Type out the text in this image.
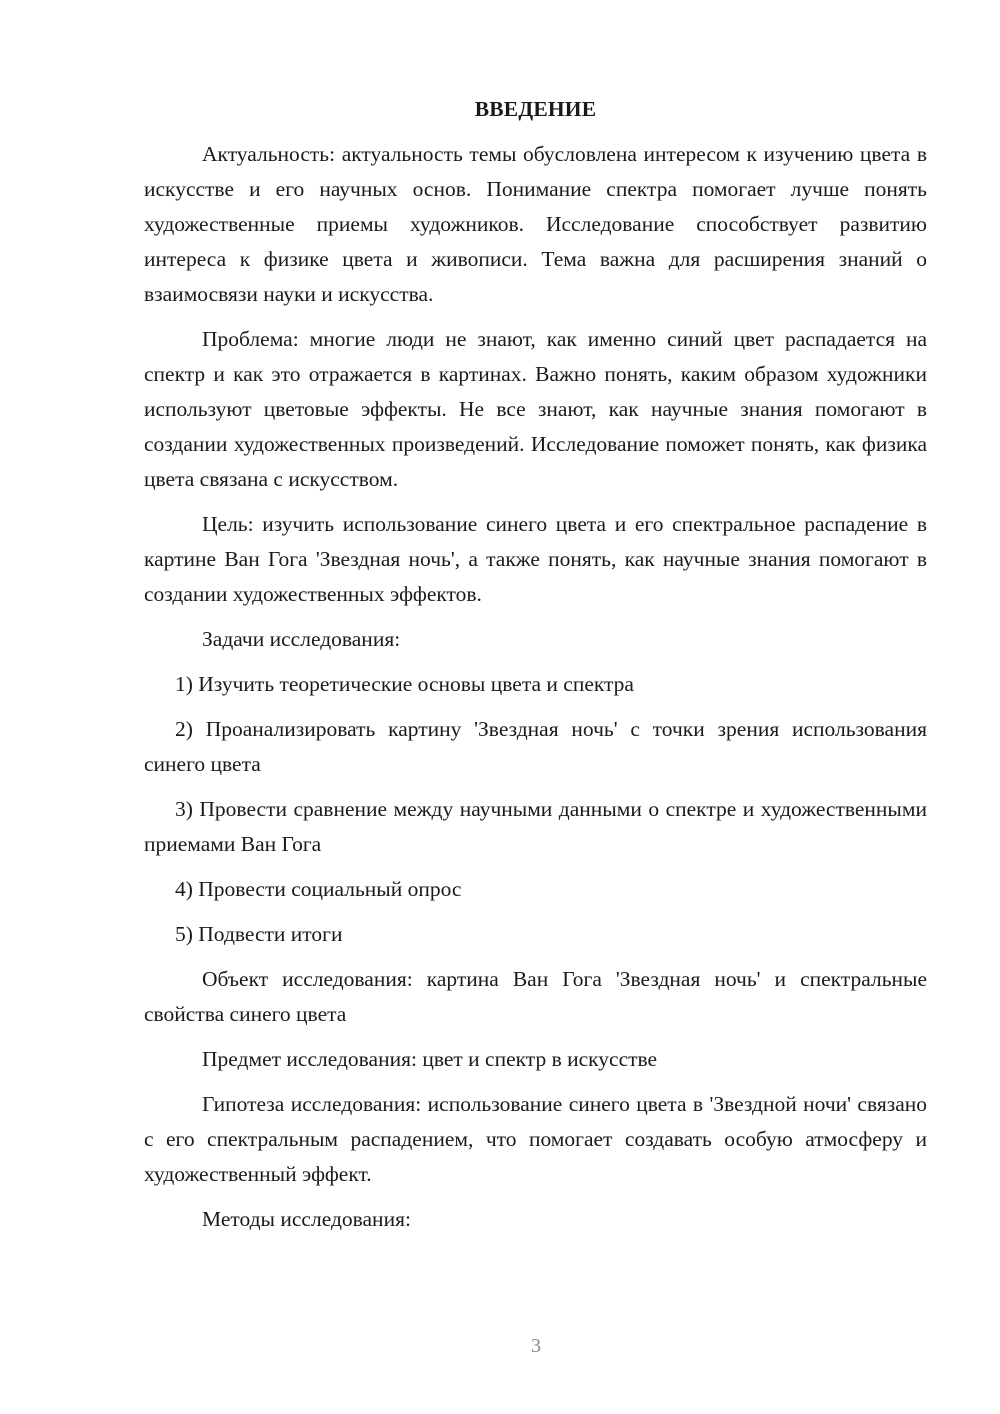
ВВЕДЕНИЕ

Актуальность: актуальность темы обусловлена интересом к изучению цвета в искусстве и его научных основ. Понимание спектра помогает лучше понять художественные приемы художников. Исследование способствует развитию интереса к физике цвета и живописи. Тема важна для расширения знаний о взаимосвязи науки и искусства.

Проблема: многие люди не знают, как именно синий цвет распадается на спектр и как это отражается в картинах. Важно понять, каким образом художники используют цветовые эффекты. Не все знают, как научные знания помогают в создании художественных произведений. Исследование поможет понять, как физика цвета связана с искусством.

Цель: изучить использование синего цвета и его спектральное распадение в картине Ван Гога 'Звездная ночь', а также понять, как научные знания помогают в создании художественных эффектов.

Задачи исследования:

1) Изучить теоретические основы цвета и спектра

2) Проанализировать картину 'Звездная ночь' с точки зрения использования синего цвета

3) Провести сравнение между научными данными о спектре и художественными приемами Ван Гога

4) Провести социальный опрос

5) Подвести итоги

Объект исследования: картина Ван Гога 'Звездная ночь' и спектральные свойства синего цвета

Предмет исследования: цвет и спектр в искусстве

Гипотеза исследования: использование синего цвета в 'Звездной ночи' связано с его спектральным распадением, что помогает создавать особую атмосферу и художественный эффект.

Методы исследования:

3
